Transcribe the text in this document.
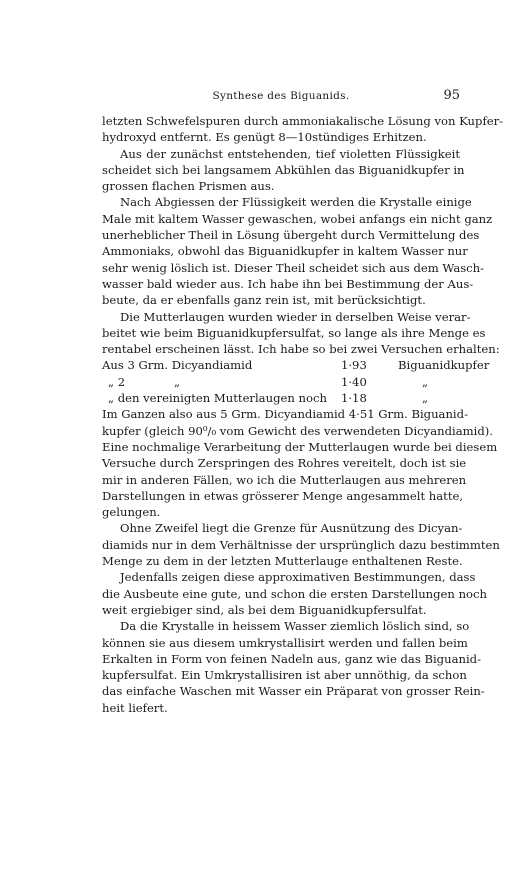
Synthese des Biguanids.	95
letzten Schwefelspuren durch ammoniakalische Lösung von Kupfer-
hydroxyd entfernt. Es genügt 8—10stündiges Erhitzen.
Aus der zunächst entstehenden, tief violetten Flüssigkeit
scheidet sich bei langsamem Abkühlen das Biguanidkupfer in
grossen flachen Prismen aus.
Nach Abgiessen der Flüssigkeit werden die Krystalle einige
Male mit kaltem Wasser gewaschen, wobei anfangs ein nicht ganz
unerheblicher Theil in Lösung übergeht durch Vermittelung des
Ammoniaks, obwohl das Biguanidkupfer in kaltem Wasser nur
sehr wenig löslich ist. Dieser Theil scheidet sich aus dem Wasch-
wasser bald wieder aus. Ich habe ihn bei Bestimmung der Aus-
beute, da er ebenfalls ganz rein ist, mit berücksichtigt.
Die Mutterlaugen wurden wieder in derselben Weise verar-
beitet wie beim Biguanidkupfersulfat, so lange als ihre Menge es
rentabel erscheinen lässt. Ich habe so bei zwei Versuchen erhalten:
Aus 3 Grm. Dicyandiamid	1·93	Biguanidkupfer
„ 2	„	1·40	„
„ den vereinigten Mutterlaugen noch 1·18	„
Im Ganzen also aus 5 Grm. Dicyandiamid 4·51 Grm. Biguanid-
kupfer (gleich 90⁰/₀ vom Gewicht des verwendeten Dicyandiamid).
Eine nochmalige Verarbeitung der Mutterlaugen wurde bei diesem
Versuche durch Zerspringen des Rohres vereitelt, doch ist sie
mir in anderen Fällen, wo ich die Mutterlaugen aus mehreren
Darstellungen in etwas grösserer Menge angesammelt hatte,
gelungen.
Ohne Zweifel liegt die Grenze für Ausnützung des Dicyan-
diamids nur in dem Verhältnisse der ursprünglich dazu bestimmten
Menge zu dem in der letzten Mutterlauge enthaltenen Reste.
Jedenfalls zeigen diese approximativen Bestimmungen, dass
die Ausbeute eine gute, und schon die ersten Darstellungen noch
weit ergiebiger sind, als bei dem Biguanidkupfersulfat.
Da die Krystalle in heissem Wasser ziemlich löslich sind, so
können sie aus diesem umkrystallisirt werden und fallen beim
Erkalten in Form von feinen Nadeln aus, ganz wie das Biguanid-
kupfersulfat. Ein Umkrystallisiren ist aber unnöthig, da schon
das einfache Waschen mit Wasser ein Präparat von grosser Rein-
heit liefert.
